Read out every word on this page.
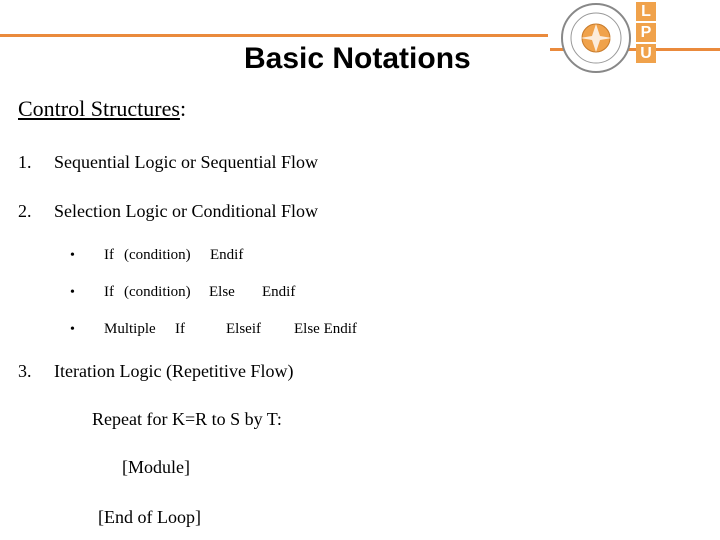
Basic Notations
L
P
U
Control Structures:
1. Sequential Logic or Sequential Flow
2. Selection Logic or Conditional Flow
• If (condition) Endif
• If (condition) Else Endif
• Multiple If	Elseif Else Endif
3. Iteration Logic (Repetitive Flow)
Repeat for K=R to S by T:
[Module]
[End of Loop]
